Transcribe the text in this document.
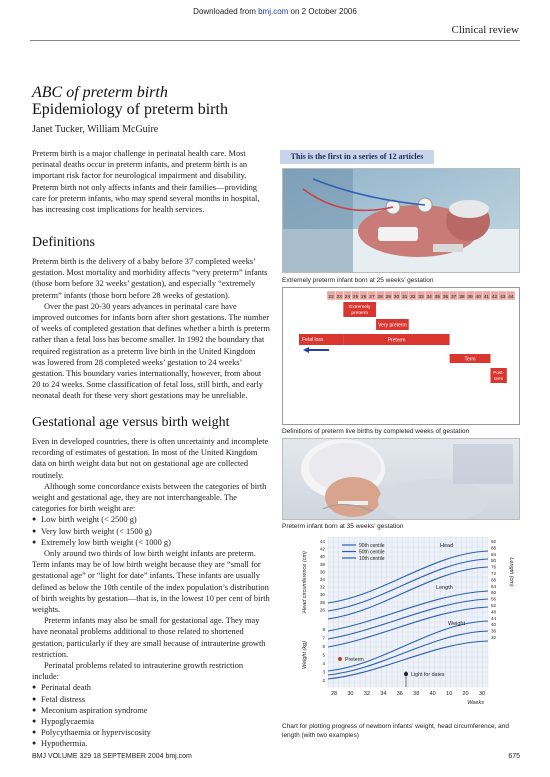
Downloaded from bmj.com on 2 October 2006
Clinical review
ABC of preterm birth
Epidemiology of preterm birth
Janet Tucker, William McGuire

Preterm birth is a major challenge in perinatal health care. Most perinatal deaths occur in preterm infants, and preterm birth is an important risk factor for neurological impairment and disability. Preterm birth not only affects infants and their families—providing care for preterm infants, who may spend several months in hospital, has increasing cost implications for health services.

This is the first in a series of 12 articles
Definitions

Preterm birth is the delivery of a baby before 37 completed weeks’ gestation. Most mortality and morbidity affects “very preterm” infants (those born before 32 weeks’ gestation), and especially “extremely preterm” infants (those born before 28 weeks of gestation).

Over the past 20-30 years advances in perinatal care have improved outcomes for infants born after short gestations. The number of weeks of completed gestation that defines whether a birth is preterm rather than a fetal loss has become smaller. In 1992 the boundary that required registration as a preterm live birth in the United Kingdom was lowered from 28 completed weeks’ gestation to 24 weeks’ gestation. This boundary varies internationally, however, from about 20 to 24 weeks. Some classification of fetal loss, still birth, and early neonatal death for these very short gestations may be unreliable.

Gestational age versus birth weight

Even in developed countries, there is often uncertainty and incomplete recording of estimates of gestation. In most of the United Kingdom data on birth weight data but not on gestational age are collected routinely.

Although some concordance exists between the categories of birth weight and gestational age, they are not interchangeable. The categories for birth weight are:

● Low birth weight (< 2500 g)
● Very low birth weight (< 1500 g)
● Extremely low birth weight (< 1000 g)

Only around two thirds of low birth weight infants are preterm. Term infants may be of low birth weight because they are “small for gestational age” or “light for date” infants. These infants are usually defined as below the 10th centile of the index population’s distribution of birth weights by gestation—that is, in the lowest 10 per cent of birth weights.

Preterm infants may also be small for gestational age. They may have neonatal problems additional to those related to shortened gestation, particularly if they are small because of intrauterine growth restriction.

Perinatal problems related to intrauterine growth restriction include:

● Perinatal death
● Fetal distress
● Meconium aspiration syndrome
● Hypoglycaemia
● Polycythaemia or hyperviscosity
● Hypothermia.
Extremely preterm infant born at 25 weeks’ gestation
22 23 24 25 26 27 28 29 30 31 32 33 34 35 36 37 38 39 40 41 42 43 44
Extremely
preterm
Very preterm
Preterm
Fetal loss
Term
Post-
term
Definitions of preterm live births by completed weeks of gestation
Preterm infant born at 35 weeks’ gestation
28 30 32 34 36 38 40 10 20 30
Weeks
44
42
40
38
36
34
32
30
28
26
8
7
6
5
4
3
2
92
88
84
80
76
72
68
64
60
56
52
48
44
40
36
32
Head circumference (cm)
Weight (kg)
Length (cm)
90th centile
50th centile
10th centile
Head
Length
Weight
Preterm
Light for dates
Chart for plotting progress of newborn infants’ weight, head circumference, and length (with two examples)
BMJ VOLUME 329 18 SEPTEMBER 2004 bmj.com	675
